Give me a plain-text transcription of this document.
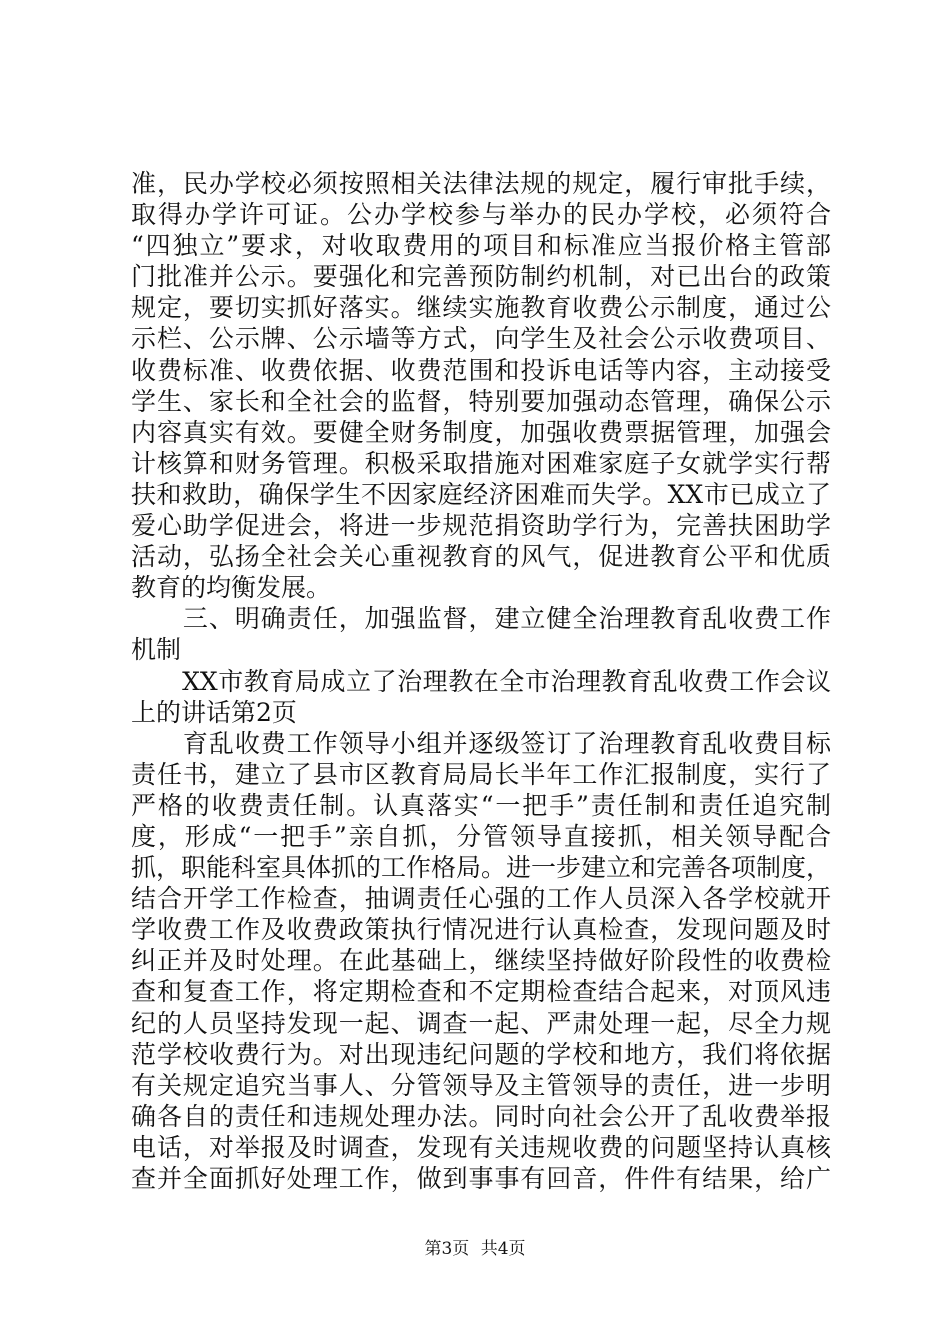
准，民办学校必须按照相关法律法规的规定，履行审批手续，
取得办学许可证。公办学校参与举办的民办学校，必须符合
“四独立”要求，对收取费用的项目和标准应当报价格主管部
门批准并公示。要强化和完善预防制约机制，对已出台的政策
规定，要切实抓好落实。继续实施教育收费公示制度，通过公
示栏、公示牌、公示墙等方式，向学生及社会公示收费项目、
收费标准、收费依据、收费范围和投诉电话等内容，主动接受
学生、家长和全社会的监督，特别要加强动态管理，确保公示
内容真实有效。要健全财务制度，加强收费票据管理，加强会
计核算和财务管理。积极采取措施对困难家庭子女就学实行帮
扶和救助，确保学生不因家庭经济困难而失学。XX市已成立了
爱心助学促进会，将进一步规范捐资助学行为，完善扶困助学
活动，弘扬全社会关心重视教育的风气，促进教育公平和优质
教育的均衡发展。
　　三、明确责任，加强监督，建立健全治理教育乱收费工作
机制
　　XX市教育局成立了治理教在全市治理教育乱收费工作会议
上的讲话第2页
　　育乱收费工作领导小组并逐级签订了治理教育乱收费目标
责任书，建立了县市区教育局局长半年工作汇报制度，实行了
严格的收费责任制。认真落实“一把手”责任制和责任追究制
度，形成“一把手”亲自抓，分管领导直接抓，相关领导配合
抓，职能科室具体抓的工作格局。进一步建立和完善各项制度，
结合开学工作检查，抽调责任心强的工作人员深入各学校就开
学收费工作及收费政策执行情况进行认真检查，发现问题及时
纠正并及时处理。在此基础上，继续坚持做好阶段性的收费检
查和复查工作，将定期检查和不定期检查结合起来，对顶风违
纪的人员坚持发现一起、调查一起、严肃处理一起，尽全力规
范学校收费行为。对出现违纪问题的学校和地方，我们将依据
有关规定追究当事人、分管领导及主管领导的责任，进一步明
确各自的责任和违规处理办法。同时向社会公开了乱收费举报
电话，对举报及时调查，发现有关违规收费的问题坚持认真核
查并全面抓好处理工作，做到事事有回音，件件有结果，给广
第3页 共4页
